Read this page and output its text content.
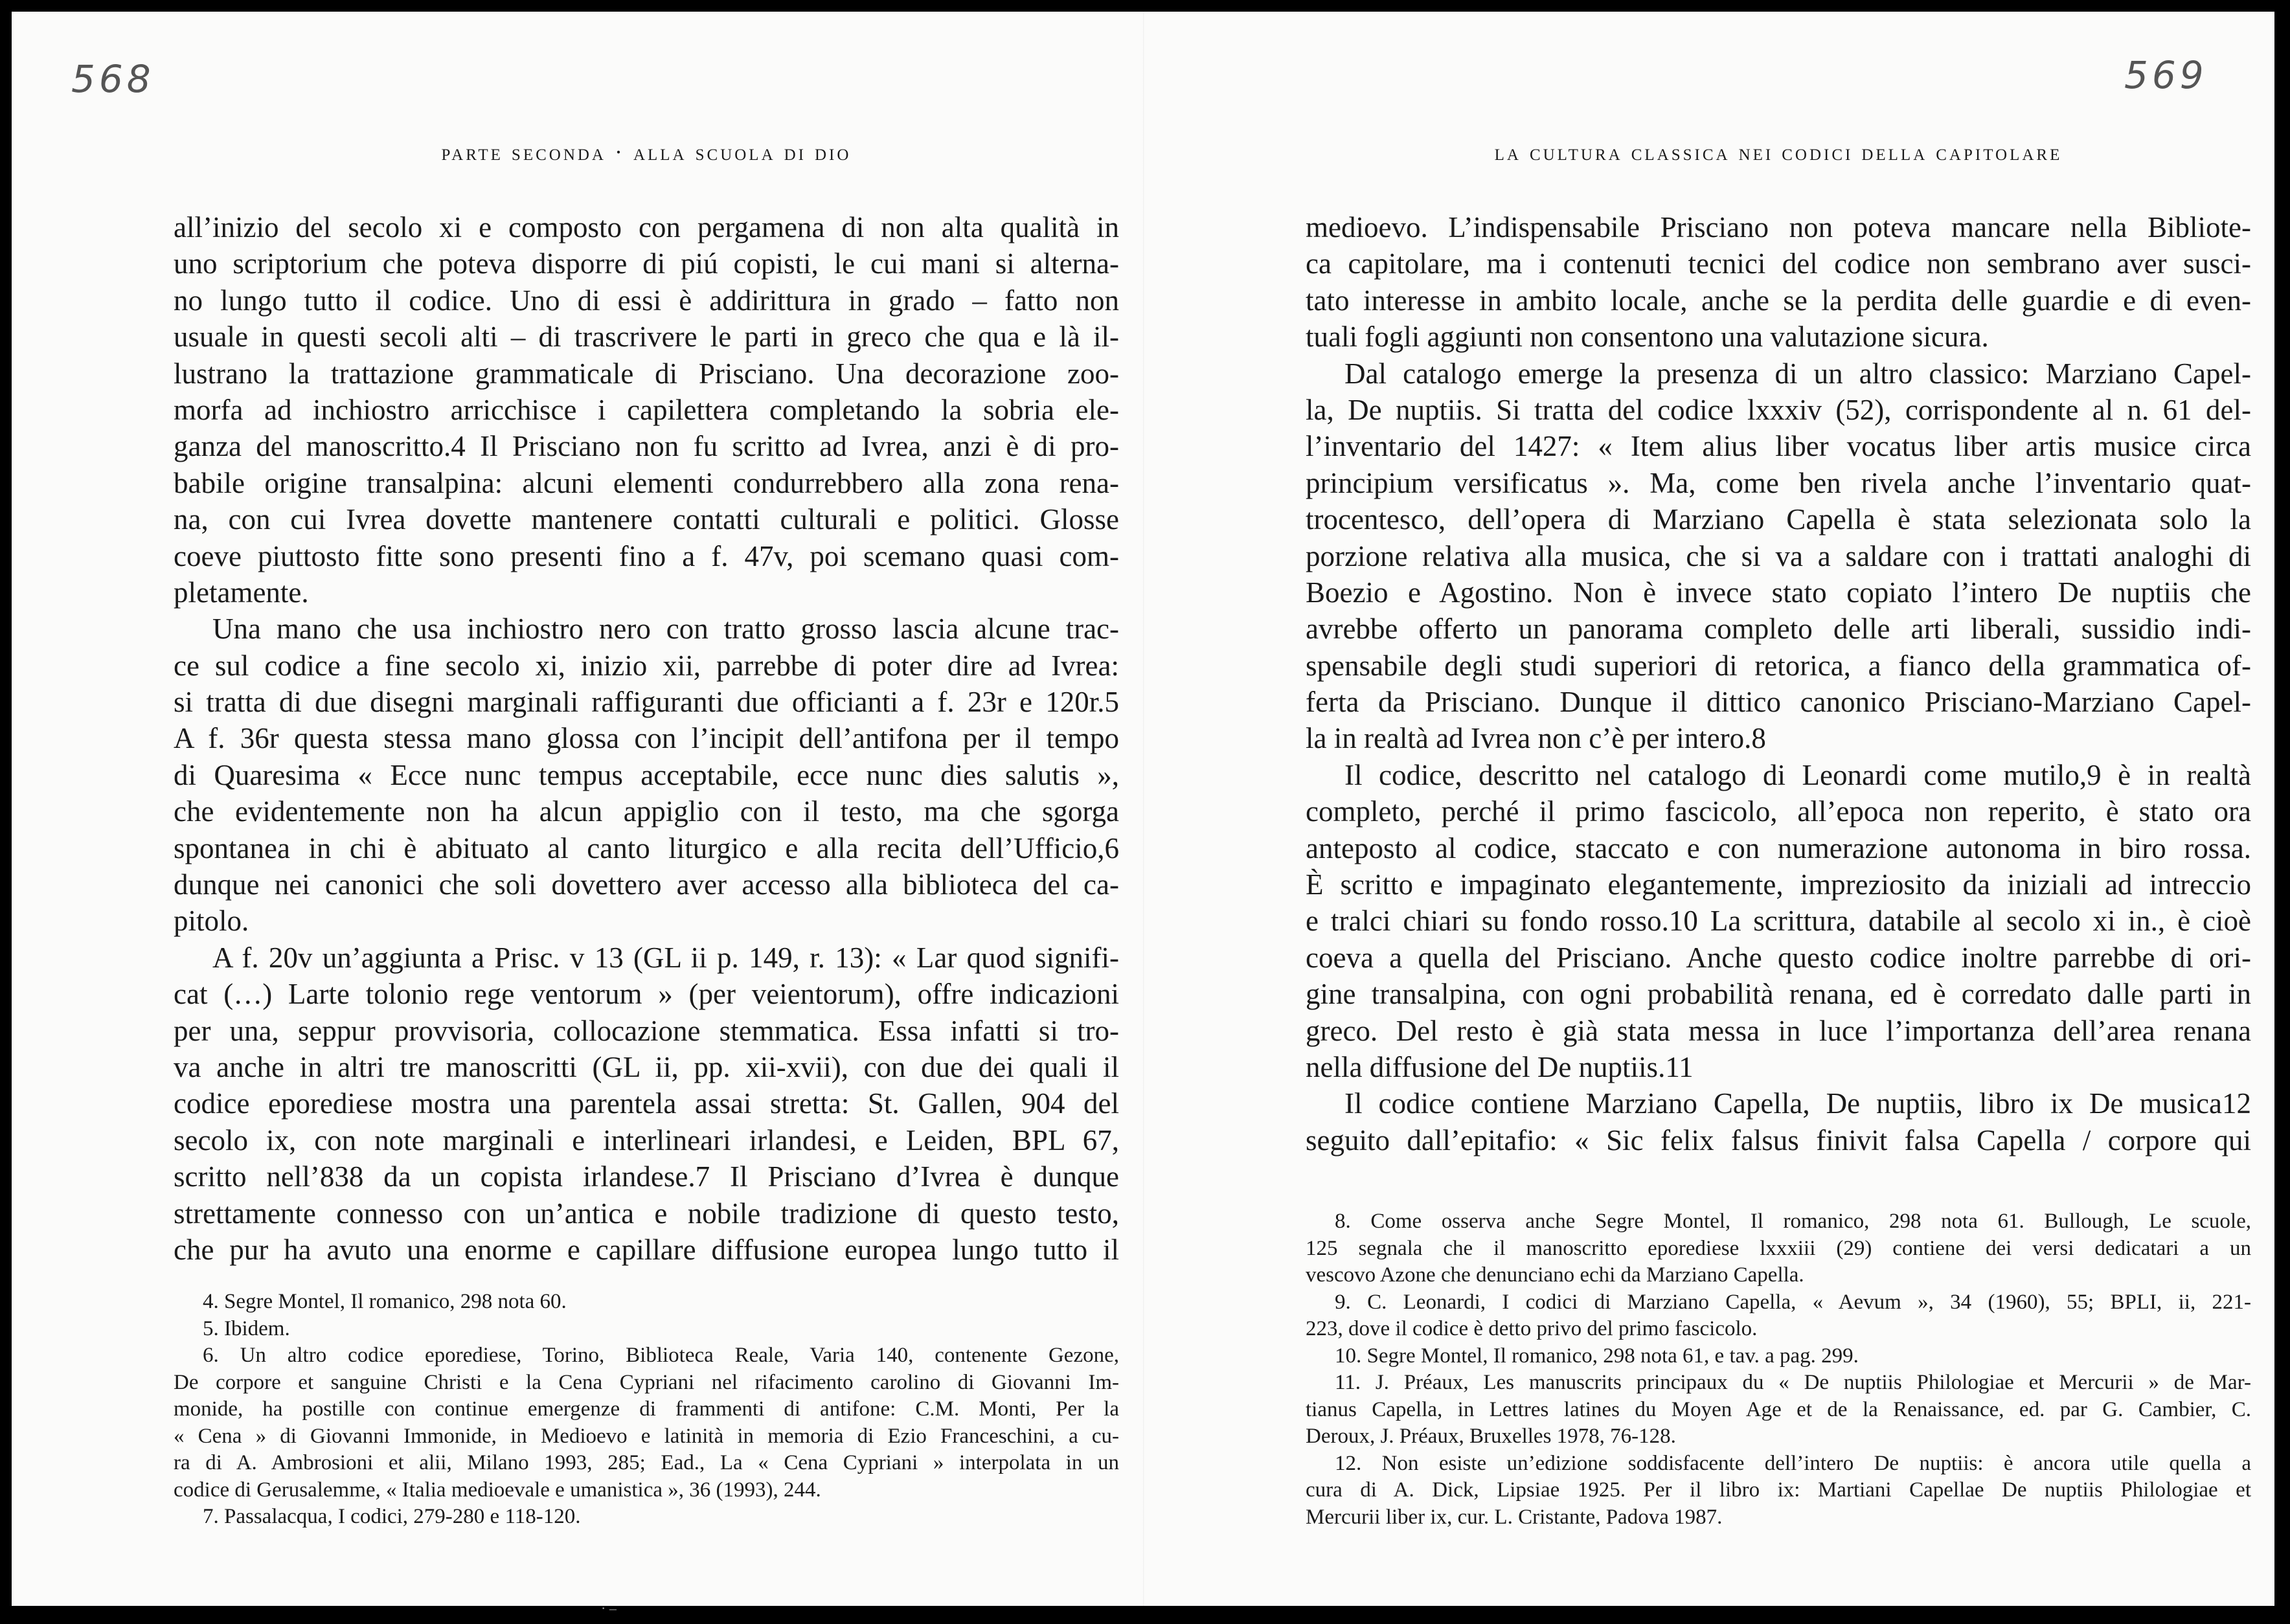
568	569
parte seconda · alla scuola di dio
all’inizio del secolo xi e composto con pergamena di non alta qualità in
uno scriptorium che poteva disporre di piú copisti, le cui mani si alterna-
no lungo tutto il codice. Uno di essi è addirittura in grado – fatto non
usuale in questi secoli alti – di trascrivere le parti in greco che qua e là il-
lustrano la trattazione grammaticale di Prisciano. Una decorazione zoo-
morfa ad inchiostro arricchisce i capilettera completando la sobria ele-
ganza del manoscritto.4 Il Prisciano non fu scritto ad Ivrea, anzi è di pro-
babile origine transalpina: alcuni elementi condurrebbero alla zona rena-
na, con cui Ivrea dovette mantenere contatti culturali e politici. Glosse
coeve piuttosto fitte sono presenti fino a f. 47v, poi scemano quasi com-
pletamente.
Una mano che usa inchiostro nero con tratto grosso lascia alcune trac-
ce sul codice a fine secolo xi, inizio xii, parrebbe di poter dire ad Ivrea:
si tratta di due disegni marginali raffiguranti due officianti a f. 23r e 120r.5
A f. 36r questa stessa mano glossa con l’incipit dell’antifona per il tempo
di Quaresima « Ecce nunc tempus acceptabile, ecce nunc dies salutis »,
che evidentemente non ha alcun appiglio con il testo, ma che sgorga
spontanea in chi è abituato al canto liturgico e alla recita dell’Ufficio,6
dunque nei canonici che soli dovettero aver accesso alla biblioteca del ca-
pitolo.
A f. 20v un’aggiunta a Prisc. v 13 (GL ii p. 149, r. 13): « Lar quod signifi-
cat (…) Larte tolonio rege ventorum » (per veientorum), offre indicazioni
per una, seppur provvisoria, collocazione stemmatica. Essa infatti si tro-
va anche in altri tre manoscritti (GL ii, pp. xii-xvii), con due dei quali il
codice eporediese mostra una parentela assai stretta: St. Gallen, 904 del
secolo ix, con note marginali e interlineari irlandesi, e Leiden, BPL 67,
scritto nell’838 da un copista irlandese.7 Il Prisciano d’Ivrea è dunque
strettamente connesso con un’antica e nobile tradizione di questo testo,
che pur ha avuto una enorme e capillare diffusione europea lungo tutto il
4. Segre Montel, Il romanico, 298 nota 60.
5. Ibidem.
6. Un altro codice eporediese, Torino, Biblioteca Reale, Varia 140, contenente Gezone,
De corpore et sanguine Christi e la Cena Cypriani nel rifacimento carolino di Giovanni Im-
monide, ha postille con continue emergenze di frammenti di antifone: C.M. Monti, Per la
« Cena » di Giovanni Immonide, in Medioevo e latinità in memoria di Ezio Franceschini, a cu-
ra di A. Ambrosioni et alii, Milano 1993, 285; Ead., La « Cena Cypriani » interpolata in un
codice di Gerusalemme, « Italia medioevale e umanistica », 36 (1993), 244.
7. Passalacqua, I codici, 279-280 e 118-120.
la cultura classica nei codici della capitolare
medioevo. L’indispensabile Prisciano non poteva mancare nella Bibliote-
ca capitolare, ma i contenuti tecnici del codice non sembrano aver susci-
tato interesse in ambito locale, anche se la perdita delle guardie e di even-
tuali fogli aggiunti non consentono una valutazione sicura.
Dal catalogo emerge la presenza di un altro classico: Marziano Capel-
la, De nuptiis. Si tratta del codice lxxxiv (52), corrispondente al n. 61 del-
l’inventario del 1427: « Item alius liber vocatus liber artis musice circa
principium versificatus ». Ma, come ben rivela anche l’inventario quat-
trocentesco, dell’opera di Marziano Capella è stata selezionata solo la
porzione relativa alla musica, che si va a saldare con i trattati analoghi di
Boezio e Agostino. Non è invece stato copiato l’intero De nuptiis che
avrebbe offerto un panorama completo delle arti liberali, sussidio indi-
spensabile degli studi superiori di retorica, a fianco della grammatica of-
ferta da Prisciano. Dunque il dittico canonico Prisciano-Marziano Capel-
la in realtà ad Ivrea non c’è per intero.8
Il codice, descritto nel catalogo di Leonardi come mutilo,9 è in realtà
completo, perché il primo fascicolo, all’epoca non reperito, è stato ora
anteposto al codice, staccato e con numerazione autonoma in biro rossa.
È scritto e impaginato elegantemente, impreziosito da iniziali ad intreccio
e tralci chiari su fondo rosso.10 La scrittura, databile al secolo xi in., è cioè
coeva a quella del Prisciano. Anche questo codice inoltre parrebbe di ori-
gine transalpina, con ogni probabilità renana, ed è corredato dalle parti in
greco. Del resto è già stata messa in luce l’importanza dell’area renana
nella diffusione del De nuptiis.11
Il codice contiene Marziano Capella, De nuptiis, libro ix De musica12
seguito dall’epitafio: « Sic felix falsus finivit falsa Capella / corpore qui
8. Come osserva anche Segre Montel, Il romanico, 298 nota 61. Bullough, Le scuole,
125 segnala che il manoscritto eporediese lxxxiii (29) contiene dei versi dedicatari a un
vescovo Azone che denunciano echi da Marziano Capella.
9. C. Leonardi, I codici di Marziano Capella, « Aevum », 34 (1960), 55; BPLI, ii, 221-
223, dove il codice è detto privo del primo fascicolo.
10. Segre Montel, Il romanico, 298 nota 61, e tav. a pag. 299.
11. J. Préaux, Les manuscrits principaux du « De nuptiis Philologiae et Mercurii » de Mar-
tianus Capella, in Lettres latines du Moyen Age et de la Renaissance, ed. par G. Cambier, C.
Deroux, J. Préaux, Bruxelles 1978, 76-128.
12. Non esiste un’edizione soddisfacente dell’intero De nuptiis: è ancora utile quella a
cura di A. Dick, Lipsiae 1925. Per il libro ix: Martiani Capellae De nuptiis Philologiae et
Mercurii liber ix, cur. L. Cristante, Padova 1987.
· –
